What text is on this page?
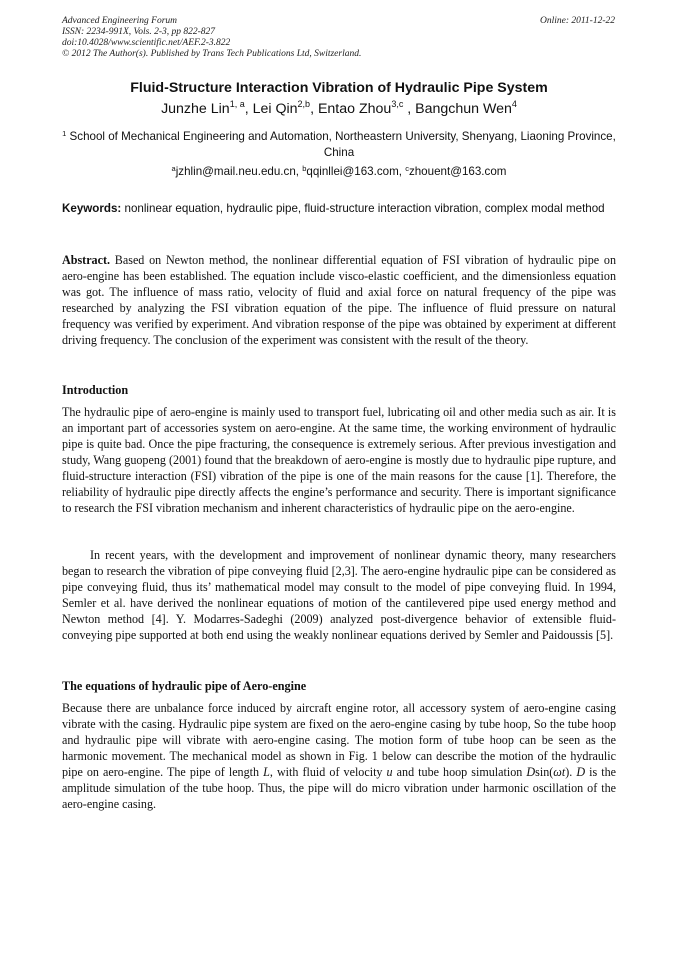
Advanced Engineering Forum	Online: 2011-12-22
ISSN: 2234-991X, Vols. 2-3, pp 822-827
doi:10.4028/www.scientific.net/AEF.2-3.822
© 2012 The Author(s). Published by Trans Tech Publications Ltd, Switzerland.
Fluid-Structure Interaction Vibration of Hydraulic Pipe System
Junzhe Lin$^{1, a}$, Lei Qin$^{2,b}$, Entao Zhou$^{3,c}$ , Bangchun Wen$^4$
$^1$ School of Mechanical Engineering and Automation, Northeastern University, Shenyang, Liaoning Province, China
$^a$jzhlin@mail.neu.edu.cn, $^b$qqinllei@163.com, $^c$zhouent@163.com
Keywords: nonlinear equation, hydraulic pipe, fluid-structure interaction vibration, complex modal method
Abstract. Based on Newton method, the nonlinear differential equation of FSI vibration of hydraulic pipe on aero-engine has been established. The equation include visco-elastic coefficient, and the dimensionless equation was got. The influence of mass ratio, velocity of fluid and axial force on natural frequency of the pipe was researched by analyzing the FSI vibration equation of the pipe. The influence of fluid pressure on natural frequency was verified by experiment. And vibration response of the pipe was obtained by experiment at different driving frequency. The conclusion of the experiment was consistent with the result of the theory.
Introduction
The hydraulic pipe of aero-engine is mainly used to transport fuel, lubricating oil and other media such as air. It is an important part of accessories system on aero-engine. At the same time, the working environment of hydraulic pipe is quite bad. Once the pipe fracturing, the consequence is extremely serious. After previous investigation and study, Wang guopeng (2001) found that the breakdown of aero-engine is mostly due to hydraulic pipe rupture, and fluid-structure interaction (FSI) vibration of the pipe is one of the main reasons for the cause [1]. Therefore, the reliability of hydraulic pipe directly affects the engine’s performance and security. There is important significance to research the FSI vibration mechanism and inherent characteristics of hydraulic pipe on the aero-engine.
In recent years, with the development and improvement of nonlinear dynamic theory, many researchers began to research the vibration of pipe conveying fluid [2,3]. The aero-engine hydraulic pipe can be considered as pipe conveying fluid, thus its’ mathematical model may consult to the model of pipe conveying fluid. In 1994, Semler et al. have derived the nonlinear equations of motion of the cantilevered pipe used energy method and Newton method [4]. Y. Modarres-Sadeghi (2009) analyzed post-divergence behavior of extensible fluid-conveying pipe supported at both end using the weakly nonlinear equations derived by Semler and Paidoussis [5].
The equations of hydraulic pipe of Aero-engine
Because there are unbalance force induced by aircraft engine rotor, all accessory system of aero-engine casing vibrate with the casing. Hydraulic pipe system are fixed on the aero-engine casing by tube hoop, So the tube hoop and hydraulic pipe will vibrate with aero-engine casing. The motion form of tube hoop can be seen as the harmonic movement. The mechanical model as shown in Fig. 1 below can describe the motion of the hydraulic pipe on aero-engine. The pipe of length L, with fluid of velocity u and tube hoop simulation Dsin(ωt). D is the amplitude simulation of the tube hoop. Thus, the pipe will do micro vibration under harmonic oscillation of the aero-engine casing.
